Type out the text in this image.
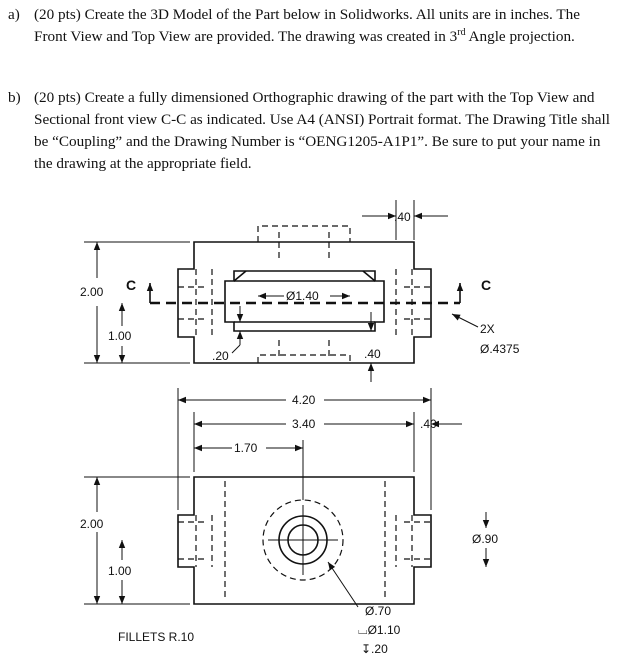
a) (20 pts) Create the 3D Model of the Part below in Solidworks. All units are in inches. The Front View and Top View are provided. The drawing was created in 3rd Angle projection.
b) (20 pts) Create a fully dimensioned Orthographic drawing of the part with the Top View and Sectional front view C-C as indicated. Use A4 (ANSI) Portrait format. The Drawing Title shall be “Coupling” and the Drawing Number is “OENG1205-A1P1”. Be sure to put your name in the drawing at the appropriate field.
C	C
.40
Ø1.40
2.00
1.00
.20	.40
2X
Ø.4375
4.20
3.40
1.70
.40
2.00
1.00
Ø.90
Ø.70
⌴Ø1.10
↧.20
FILLETS R.10
